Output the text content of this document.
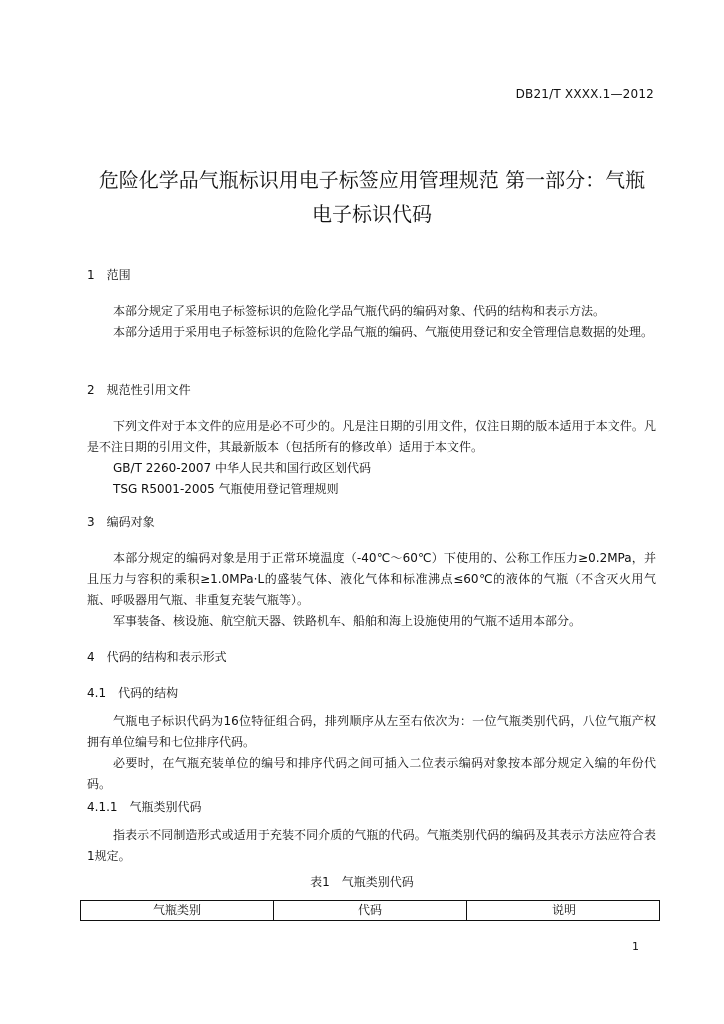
DB21/T XXXX.1—2012
危险化学品气瓶标识用电子标签应用管理规范 第一部分：气瓶电子标识代码
1　范围

本部分规定了采用电子标签标识的危险化学品气瓶代码的编码对象、代码的结构和表示方法。

本部分适用于采用电子标签标识的危险化学品气瓶的编码、气瓶使用登记和安全管理信息数据的处理。

2　规范性引用文件

下列文件对于本文件的应用是必不可少的。凡是注日期的引用文件，仅注日期的版本适用于本文件。凡是不注日期的引用文件，其最新版本（包括所有的修改单）适用于本文件。

GB/T 2260-2007 中华人民共和国行政区划代码

TSG R5001-2005 气瓶使用登记管理规则

3　编码对象

本部分规定的编码对象是用于正常环境温度（-40℃～60℃）下使用的、公称工作压力≥0.2MPa，并且压力与容积的乘积≥1.0MPa·L的盛装气体、液化气体和标准沸点≤60℃的液体的气瓶（不含灭火用气瓶、呼吸器用气瓶、非重复充装气瓶等）。

军事装备、核设施、航空航天器、铁路机车、船舶和海上设施使用的气瓶不适用本部分。

4　代码的结构和表示形式
4.1　代码的结构

气瓶电子标识代码为16位特征组合码，排列顺序从左至右依次为：一位气瓶类别代码，八位气瓶产权拥有单位编号和七位排序代码。

必要时，在气瓶充装单位的编号和排序代码之间可插入二位表示编码对象按本部分规定入编的年份代码。

4.1.1　气瓶类别代码

指表示不同制造形式或适用于充装不同介质的气瓶的代码。气瓶类别代码的编码及其表示方法应符合表1规定。

表1　气瓶类别代码
气瓶类别	代码	说明
1
